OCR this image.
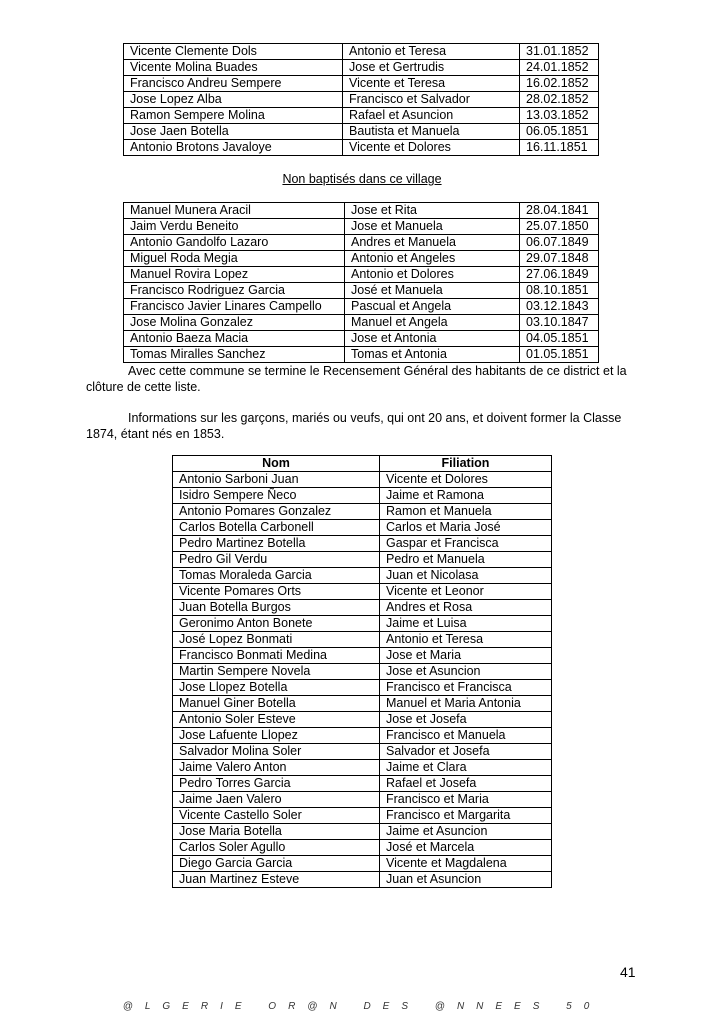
Vicente Clemente Dols	Antonio et Teresa	31.01.1852
Vicente Molina Buades	Jose et Gertrudis	24.01.1852
Francisco Andreu Sempere	Vicente et Teresa	16.02.1852
Jose Lopez Alba	Francisco et Salvador	28.02.1852
Ramon Sempere Molina	Rafael et Asuncion	13.03.1852
Jose Jaen Botella	Bautista et Manuela	06.05.1851
Antonio Brotons Javaloye	Vicente et Dolores	16.11.1851
Non baptisés dans ce village
Manuel Munera Aracil	Jose et Rita	28.04.1841
Jaim Verdu Beneito	Jose et Manuela	25.07.1850
Antonio Gandolfo Lazaro	Andres et Manuela	06.07.1849
Miguel Roda Megia	Antonio et Angeles	29.07.1848
Manuel Rovira Lopez	Antonio et Dolores	27.06.1849
Francisco Rodriguez Garcia	José et Manuela	08.10.1851
Francisco Javier Linares Campello	Pascual et Angela	03.12.1843
Jose Molina Gonzalez	Manuel et Angela	03.10.1847
Antonio Baeza Macia	Jose et Antonia	04.05.1851
Tomas Miralles Sanchez	Tomas et Antonia	01.05.1851
Avec cette commune se termine le Recensement Général des habitants de ce district et la clôture de cette liste.
Informations sur les garçons, mariés ou veufs, qui ont 20 ans, et doivent former la Classe 1874, étant nés en 1853.
Nom	Filiation
Antonio Sarboni Juan	Vicente et Dolores
Isidro Sempere Ñeco	Jaime et Ramona
Antonio Pomares Gonzalez	Ramon et Manuela
Carlos Botella Carbonell	Carlos et Maria José
Pedro Martinez Botella	Gaspar et Francisca
Pedro Gil Verdu	Pedro et Manuela
Tomas Moraleda Garcia	Juan et Nicolasa
Vicente Pomares Orts	Vicente et Leonor
Juan Botella Burgos	Andres et Rosa
Geronimo Anton Bonete	Jaime et Luisa
José Lopez Bonmati	Antonio et Teresa
Francisco Bonmati Medina	Jose et Maria
Martin Sempere Novela	Jose et Asuncion
Jose Llopez Botella	Francisco et Francisca
Manuel Giner Botella	Manuel et Maria Antonia
Antonio Soler Esteve	Jose et Josefa
Jose Lafuente Llopez	Francisco et Manuela
Salvador Molina Soler	Salvador et Josefa
Jaime Valero Anton	Jaime et Clara
Pedro Torres Garcia	Rafael et Josefa
Jaime Jaen Valero	Francisco et Maria
Vicente Castello Soler	Francisco et Margarita
Jose Maria Botella	Jaime et Asuncion
Carlos Soler Agullo	José et Marcela
Diego Garcia Garcia	Vicente et Magdalena
Juan Martinez Esteve	Juan et Asuncion
41
@LGERIE OR@N DES @NNEES 50
